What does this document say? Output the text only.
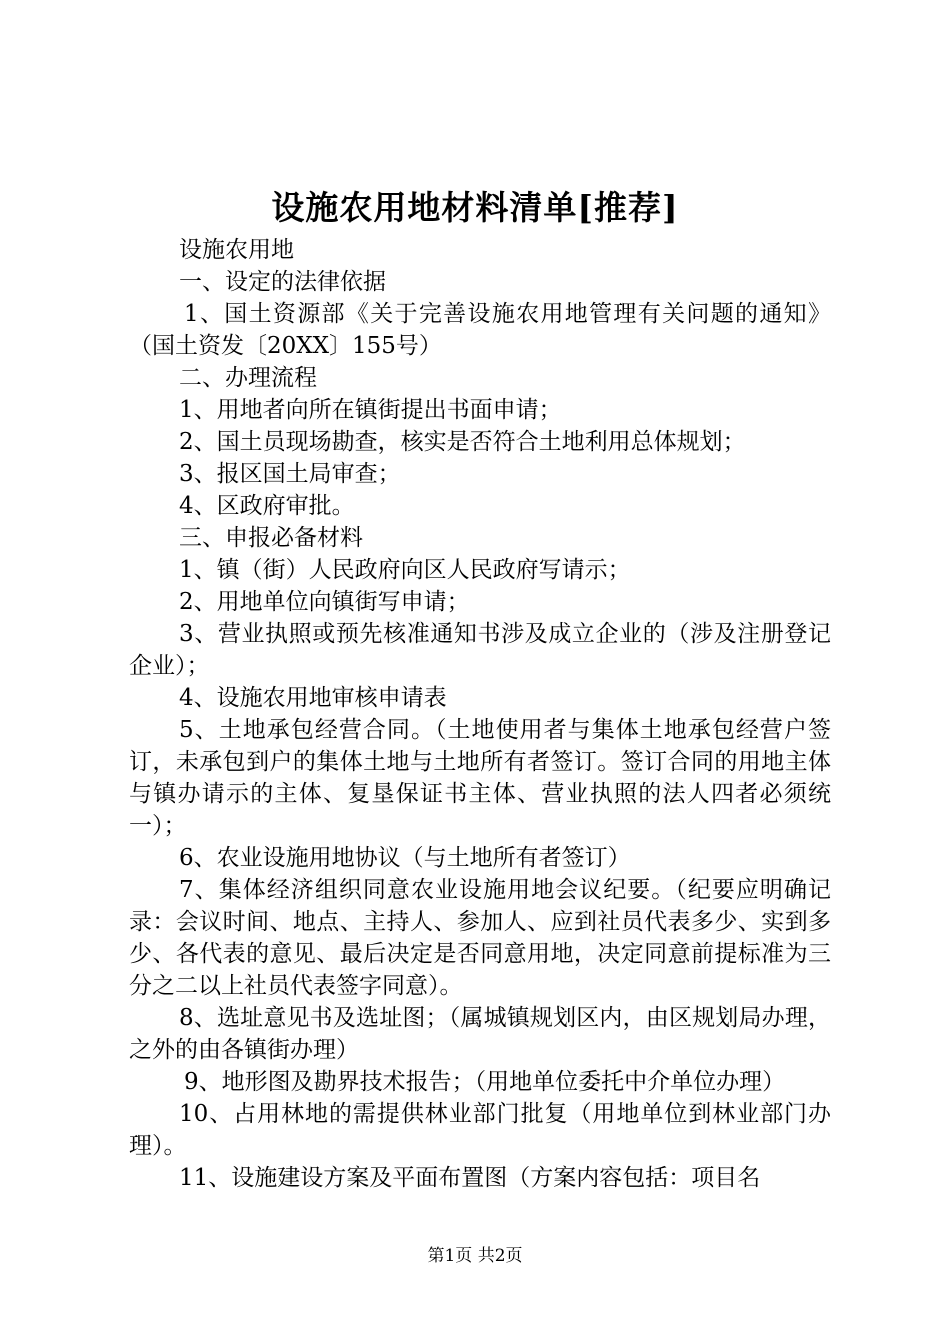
设施农用地材料清单[推荐]

设施农用地

一、设定的法律依据

1、国土资源部《关于完善设施农用地管理有关问题的通知》（国土资发〔20XX〕155号）

二、办理流程

1、用地者向所在镇街提出书面申请；

2、国土员现场勘查，核实是否符合土地利用总体规划；

3、报区国土局审查；

4、区政府审批。

三、申报必备材料

1、镇（街）人民政府向区人民政府写请示；

2、用地单位向镇街写申请；

3、营业执照或预先核准通知书涉及成立企业的（涉及注册登记企业）；

4、设施农用地审核申请表

5、土地承包经营合同。（土地使用者与集体土地承包经营户签订，未承包到户的集体土地与土地所有者签订。签订合同的用地主体与镇办请示的主体、复垦保证书主体、营业执照的法人四者必须统一）；

6、农业设施用地协议（与土地所有者签订）

7、集体经济组织同意农业设施用地会议纪要。（纪要应明确记录：会议时间、地点、主持人、参加人、应到社员代表多少、实到多少、各代表的意见、最后决定是否同意用地，决定同意前提标准为三分之二以上社员代表签字同意）。

8、选址意见书及选址图；（属城镇规划区内，由区规划局办理，之外的由各镇街办理）

9、地形图及勘界技术报告；（用地单位委托中介单位办理）

10、占用林地的需提供林业部门批复（用地单位到林业部门办理）。

11、设施建设方案及平面布置图（方案内容包括：项目名

第1页 共2页
